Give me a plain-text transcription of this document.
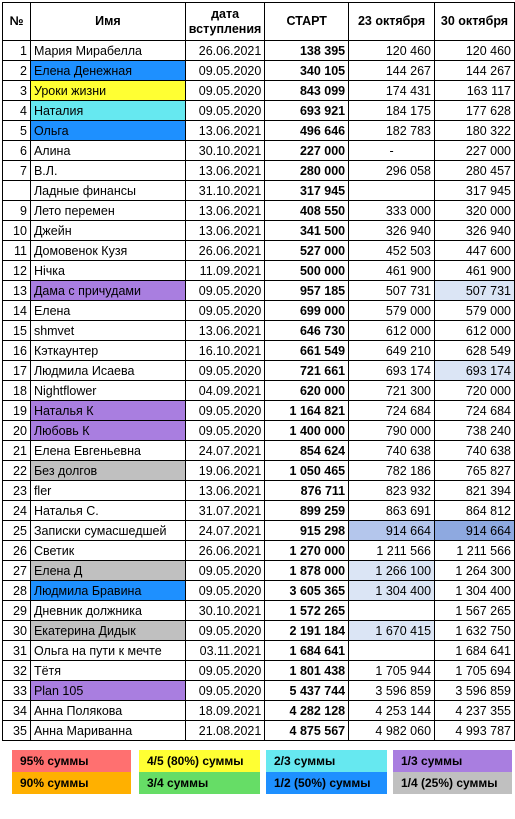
№	Имя	дата вступления	СТАРТ	23 октября	30 октября
1	Мария Мирабелла	26.06.2021	138 395	120 460	120 460
2	Елена Денежная	09.05.2020	340 105	144 267	144 267
3	Уроки жизни	09.05.2020	843 099	174 431	163 117
4	Наталия	09.05.2020	693 921	184 175	177 628
5	Ольга	13.06.2021	496 646	182 783	180 322
6	Алина	30.10.2021	227 000	-	227 000
7	В.Л.	13.06.2021	280 000	296 058	280 457
	Ладные финансы	31.10.2021	317 945		317 945
9	Лето перемен	13.06.2021	408 550	333 000	320 000
10	Джейн	13.06.2021	341 500	326 940	326 940
11	Домовенок Кузя	26.06.2021	527 000	452 503	447 600
12	Нічка	11.09.2021	500 000	461 900	461 900
13	Дама с причудами	09.05.2020	957 185	507 731	507 731
14	Елена	09.05.2020	699 000	579 000	579 000
15	shmvet	13.06.2021	646 730	612 000	612 000
16	Кэткаунтер	16.10.2021	661 549	649 210	628 549
17	Людмила Исаева	09.05.2020	721 661	693 174	693 174
18	Nightflower	04.09.2021	620 000	721 300	720 000
19	Наталья К	09.05.2020	1 164 821	724 684	724 684
20	Любовь К	09.05.2020	1 400 000	790 000	738 240
21	Елена Евгеньевна	24.07.2021	854 624	740 638	740 638
22	Без долгов	19.06.2021	1 050 465	782 186	765 827
23	fler	13.06.2021	876 711	823 932	821 394
24	Наталья С.	31.07.2021	899 259	863 691	864 812
25	Записки сумасшедшей	24.07.2021	915 298	914 664	914 664
26	Светик	26.06.2021	1 270 000	1 211 566	1 211 566
27	Елена Д	09.05.2020	1 878 000	1 266 100	1 264 300
28	Людмила Бравина	09.05.2020	3 605 365	1 304 400	1 304 400
29	Дневник должника	30.10.2021	1 572 265		1 567 265
30	Екатерина Дидык	09.05.2020	2 191 184	1 670 415	1 632 750
31	Ольга на пути к мечте	03.11.2021	1 684 641		1 684 641
32	Тётя	09.05.2020	1 801 438	1 705 944	1 705 694
33	Plan 105	09.05.2020	5 437 744	3 596 859	3 596 859
34	Анна Полякова	18.09.2021	4 282 128	4 253 144	4 237 355
35	Анна Мариванна	21.08.2021	4 875 567	4 982 060	4 993 787
95% суммы	4/5 (80%) суммы	2/3 суммы	1/3 суммы
90% суммы	3/4 суммы	1/2 (50%) суммы	1/4 (25%) суммы
